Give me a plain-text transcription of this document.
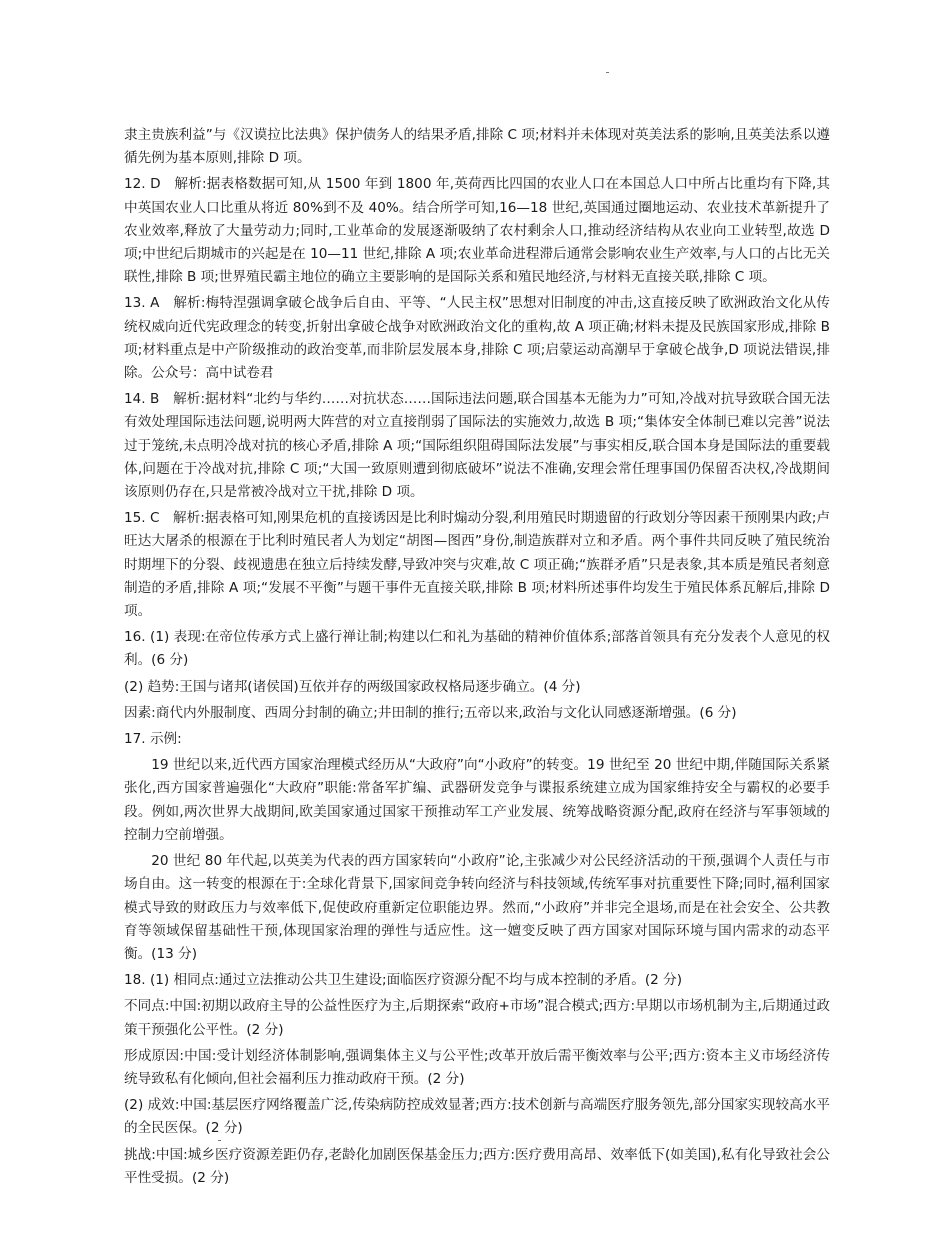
隶主贵族利益”与《汉谟拉比法典》保护债务人的结果矛盾,排除 C 项;材料并未体现对英美法系的影响,且英美法系以遵循先例为基本原则,排除 D 项。

12. D　解析:据表格数据可知,从 1500 年到 1800 年,英荷西比四国的农业人口在本国总人口中所占比重均有下降,其中英国农业人口比重从将近 80%到不及 40%。结合所学可知,16—18 世纪,英国通过圈地运动、农业技术革新提升了农业效率,释放了大量劳动力;同时,工业革命的发展逐渐吸纳了农村剩余人口,推动经济结构从农业向工业转型,故选 D 项;中世纪后期城市的兴起是在 10—11 世纪,排除 A 项;农业革命进程滞后通常会影响农业生产效率,与人口的占比无关联性,排除 B 项;世界殖民霸主地位的确立主要影响的是国际关系和殖民地经济,与材料无直接关联,排除 C 项。

13. A　解析:梅特涅强调拿破仑战争后自由、平等、“人民主权”思想对旧制度的冲击,这直接反映了欧洲政治文化从传统权威向近代宪政理念的转变,折射出拿破仑战争对欧洲政治文化的重构,故 A 项正确;材料未提及民族国家形成,排除 B 项;材料重点是中产阶级推动的政治变革,而非阶层发展本身,排除 C 项;启蒙运动高潮早于拿破仑战争,D 项说法错误,排除。公众号：高中试卷君

14. B　解析:据材料“北约与华约……对抗状态……国际违法问题,联合国基本无能为力”可知,冷战对抗导致联合国无法有效处理国际违法问题,说明两大阵营的对立直接削弱了国际法的实施效力,故选 B 项;“集体安全体制已难以完善”说法过于笼统,未点明冷战对抗的核心矛盾,排除 A 项;“国际组织阻碍国际法发展”与事实相反,联合国本身是国际法的重要载体,问题在于冷战对抗,排除 C 项;“大国一致原则遭到彻底破坏”说法不准确,安理会常任理事国仍保留否决权,冷战期间该原则仍存在,只是常被冷战对立干扰,排除 D 项。

15. C　解析:据表格可知,刚果危机的直接诱因是比利时煽动分裂,利用殖民时期遗留的行政划分等因素干预刚果内政;卢旺达大屠杀的根源在于比利时殖民者人为划定“胡图—图西”身份,制造族群对立和矛盾。两个事件共同反映了殖民统治时期埋下的分裂、歧视遗患在独立后持续发酵,导致冲突与灾难,故 C 项正确;“族群矛盾”只是表象,其本质是殖民者刻意制造的矛盾,排除 A 项;“发展不平衡”与题干事件无直接关联,排除 B 项;材料所述事件均发生于殖民体系瓦解后,排除 D 项。

16. (1) 表现:在帝位传承方式上盛行禅让制;构建以仁和礼为基础的精神价值体系;部落首领具有充分发表个人意见的权利。(6 分)

(2) 趋势:王国与诸邦(诸侯国)互依并存的两级国家政权格局逐步确立。(4 分)

因素:商代内外服制度、西周分封制的确立;井田制的推行;五帝以来,政治与文化认同感逐渐增强。(6 分)

17. 示例:

19 世纪以来,近代西方国家治理模式经历从“大政府”向“小政府”的转变。19 世纪至 20 世纪中期,伴随国际关系紧张化,西方国家普遍强化“大政府”职能:常备军扩编、武器研发竞争与谍报系统建立成为国家维持安全与霸权的必要手段。例如,两次世界大战期间,欧美国家通过国家干预推动军工产业发展、统筹战略资源分配,政府在经济与军事领域的控制力空前增强。

20 世纪 80 年代起,以英美为代表的西方国家转向“小政府”论,主张减少对公民经济活动的干预,强调个人责任与市场自由。这一转变的根源在于:全球化背景下,国家间竞争转向经济与科技领域,传统军事对抗重要性下降;同时,福利国家模式导致的财政压力与效率低下,促使政府重新定位职能边界。然而,“小政府”并非完全退场,而是在社会安全、公共教育等领域保留基础性干预,体现国家治理的弹性与适应性。这一嬗变反映了西方国家对国际环境与国内需求的动态平衡。(13 分)

18. (1) 相同点:通过立法推动公共卫生建设;面临医疗资源分配不均与成本控制的矛盾。(2 分)

不同点:中国:初期以政府主导的公益性医疗为主,后期探索“政府+市场”混合模式;西方:早期以市场机制为主,后期通过政策干预强化公平性。(2 分)

形成原因:中国:受计划经济体制影响,强调集体主义与公平性;改革开放后需平衡效率与公平;西方:资本主义市场经济传统导致私有化倾向,但社会福利压力推动政府干预。(2 分)

(2) 成效:中国:基层医疗网络覆盖广泛,传染病防控成效显著;西方:技术创新与高端医疗服务领先,部分国家实现较高水平的全民医保。(2 分)

挑战:中国:城乡医疗资源差距仍存,老龄化加剧医保基金压力;西方:医疗费用高昂、效率低下(如美国),私有化导致社会公平性受损。(2 分)
